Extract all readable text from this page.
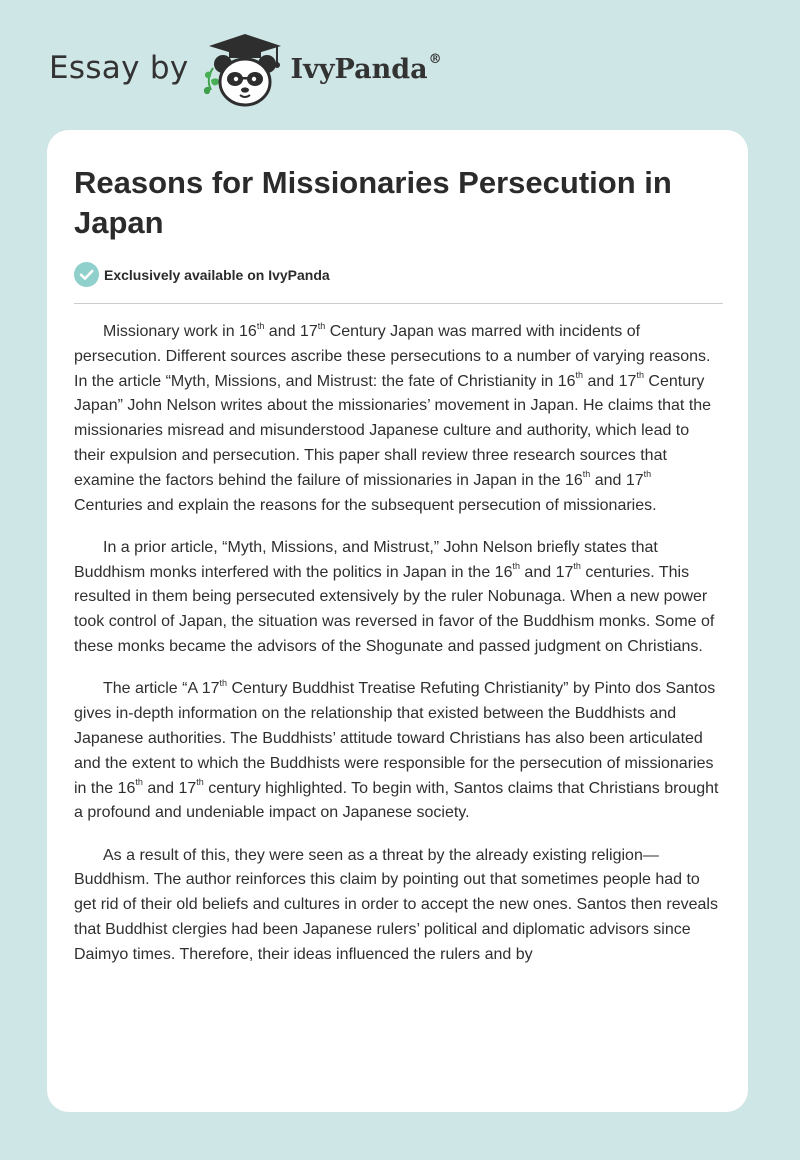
Essay by	IvyPanda®
Reasons for Missionaries Persecution in Japan
Exclusively available on IvyPanda

Missionary work in 16th and 17th Century Japan was marred with incidents of persecution. Different sources ascribe these persecutions to a number of varying reasons. In the article “Myth, Missions, and Mistrust: the fate of Christianity in 16th and 17th Century Japan” John Nelson writes about the missionaries’ movement in Japan. He claims that the missionaries misread and misunderstood Japanese culture and authority, which lead to their expulsion and persecution. This paper shall review three research sources that examine the factors behind the failure of missionaries in Japan in the 16th and 17th Centuries and explain the reasons for the subsequent persecution of missionaries.

In a prior article, “Myth, Missions, and Mistrust,” John Nelson briefly states that Buddhism monks interfered with the politics in Japan in the 16th and 17th centuries. This resulted in them being persecuted extensively by the ruler Nobunaga. When a new power took control of Japan, the situation was reversed in favor of the Buddhism monks. Some of these monks became the advisors of the Shogunate and passed judgment on Christians.

The article “A 17th Century Buddhist Treatise Refuting Christianity” by Pinto dos Santos gives in-depth information on the relationship that existed between the Buddhists and Japanese authorities. The Buddhists’ attitude toward Christians has also been articulated and the extent to which the Buddhists were responsible for the persecution of missionaries in the 16th and 17th century highlighted. To begin with, Santos claims that Christians brought a profound and undeniable impact on Japanese society.

As a result of this, they were seen as a threat by the already existing religion—Buddhism. The author reinforces this claim by pointing out that sometimes people had to get rid of their old beliefs and cultures in order to accept the new ones. Santos then reveals that Buddhist clergies had been Japanese rulers’ political and diplomatic advisors since Daimyo times. Therefore, their ideas influenced the rulers and by
